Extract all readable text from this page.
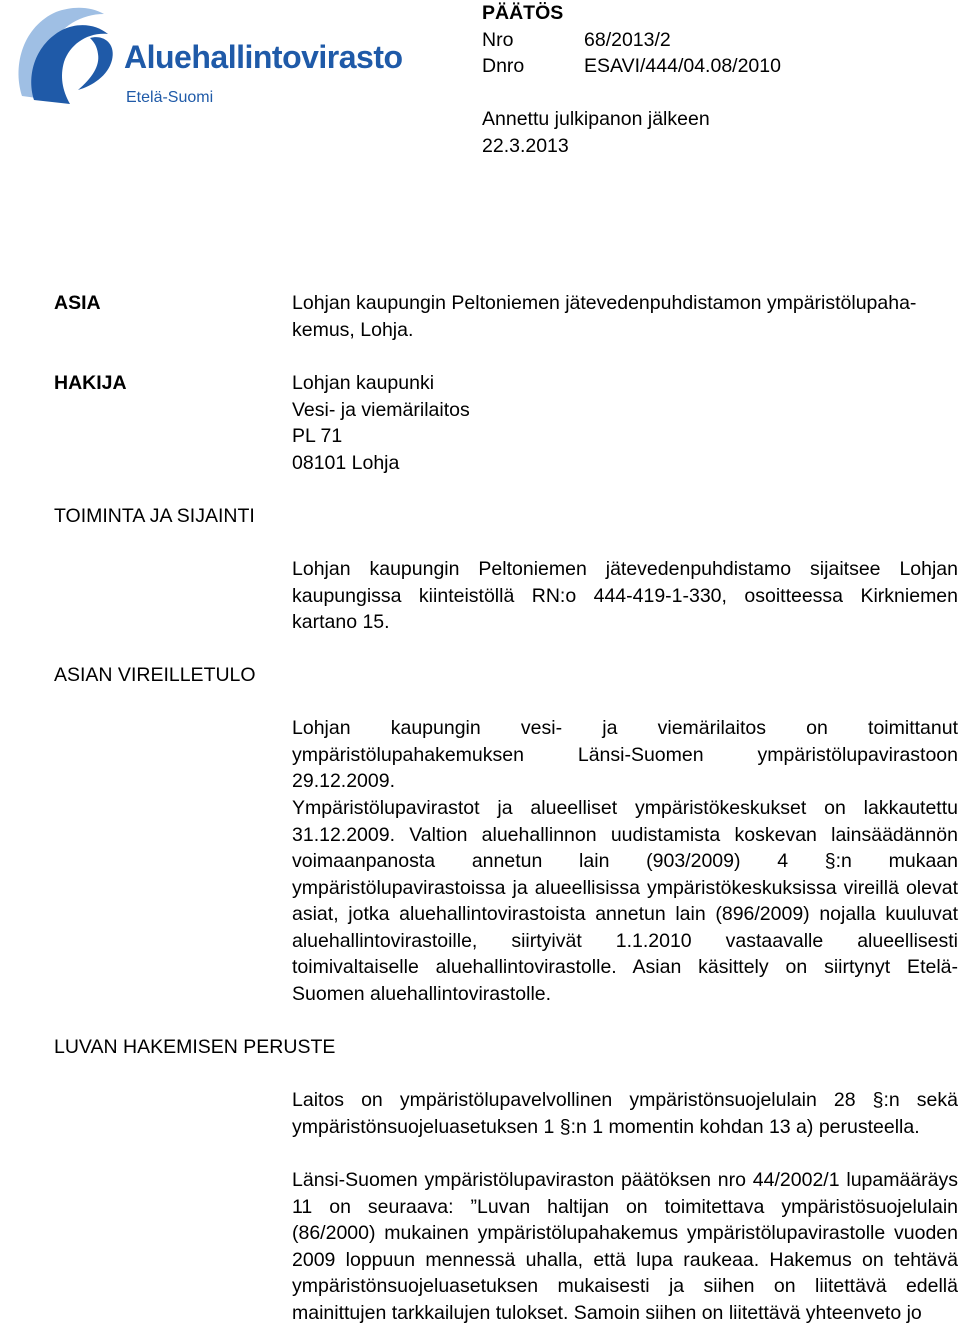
Aluehallintovirasto
Etelä-Suomi
PÄÄTÖS
Nro	68/2013/2
Dnro	ESAVI/444/04.08/2010

Annettu julkipanon jälkeen
22.3.2013
ASIA	Lohjan kaupungin Peltoniemen jätevedenpuhdistamon ympäristölupaha-
kemus, Lohja.
HAKIJA	Lohjan kaupunki
Vesi- ja viemärilaitos
PL 71
08101 Lohja
TOIMINTA JA SIJAINTI

Lohjan kaupungin Peltoniemen jätevedenpuhdistamo sijaitsee Lohjan kaupungissa kiinteistöllä RN:o 444-419-1-330, osoitteessa Kirkniemen kartano 15.

ASIAN VIREILLETULO

Lohjan kaupungin vesi- ja viemärilaitos on toimittanut ympäristölupahakemuksen Länsi-Suomen ympäristölupavirastoon 29.12.2009.

Ympäristölupavirastot ja alueelliset ympäristökeskukset on lakkautettu 31.12.2009. Valtion aluehallinnon uudistamista koskevan lainsäädännön voimaanpanosta annetun lain (903/2009) 4 §:n mukaan ympäristölupavirastoissa ja alueellisissa ympäristökeskuksissa vireillä olevat asiat, jotka aluehallintovirastoista annetun lain (896/2009) nojalla kuuluvat aluehallintovirastoille, siirtyivät 1.1.2010 vastaavalle alueellisesti toimivaltaiselle aluehallintovirastolle. Asian käsittely on siirtynyt Etelä-Suomen aluehallintovirastolle.

LUVAN HAKEMISEN PERUSTE

Laitos on ympäristölupavelvollinen ympäristönsuojelulain 28 §:n sekä ympäristönsuojeluasetuksen 1 §:n 1 momentin kohdan 13 a) perusteella.

Länsi-Suomen ympäristölupaviraston päätöksen nro 44/2002/1 lupamääräys 11 on seuraava: ”Luvan haltijan on toimitettava ympäristösuojelulain (86/2000) mukainen ympäristölupahakemus ympäristölupavirastolle vuoden 2009 loppuun mennessä uhalla, että lupa raukeaa. Hakemus on tehtävä ympäristönsuojeluasetuksen mukaisesti ja siihen on liitettävä edellä mainittujen tarkkailujen tulokset. Samoin siihen on liitettävä yhteenveto jo
